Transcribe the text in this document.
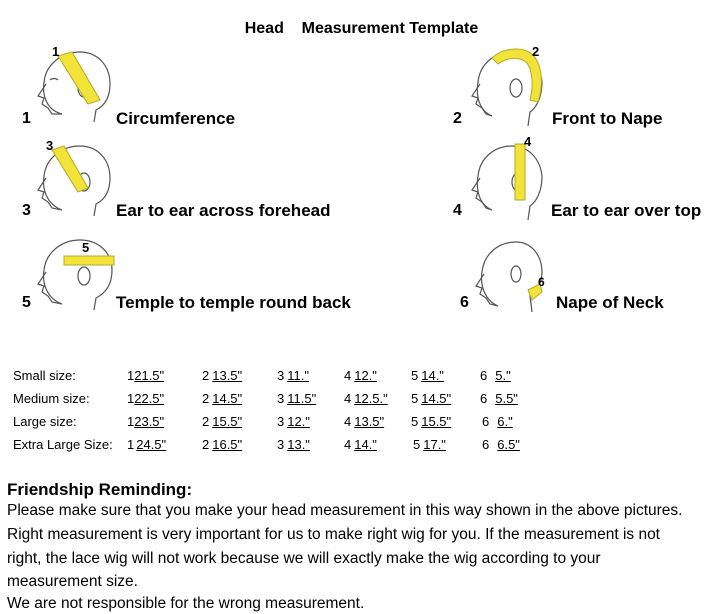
Head    Measurement Template
1
1	Circumference
2
2	Front to Nape
3
3	Ear to ear across forehead
4
4	Ear to ear over top
5
5	Temple to temple round back
6
6	Nape of Neck
Small size:	121.5"	2 13.5"	3 11."	4 12."	5 14."	6 5."
Medium size:	122.5"	2 14.5"	3 11.5"	4 12.5."	5 14.5"	6 5.5"
Large size:	123.5"	2 15.5"	3 12."	4 13.5"	5 15.5"	6 6."
Extra Large Size: 1 24.5"	2 16.5"	3 13."	4 14."	5 17."	6 6.5"
Friendship Reminding:
Please make sure that you make your head measurement in this way shown in the above pictures.
Right measurement is very important for us to make right wig for you. If the measurement is not
right, the lace wig will not work because we will exactly make the wig according to your
measurement size.
We are not responsible for the wrong measurement.
